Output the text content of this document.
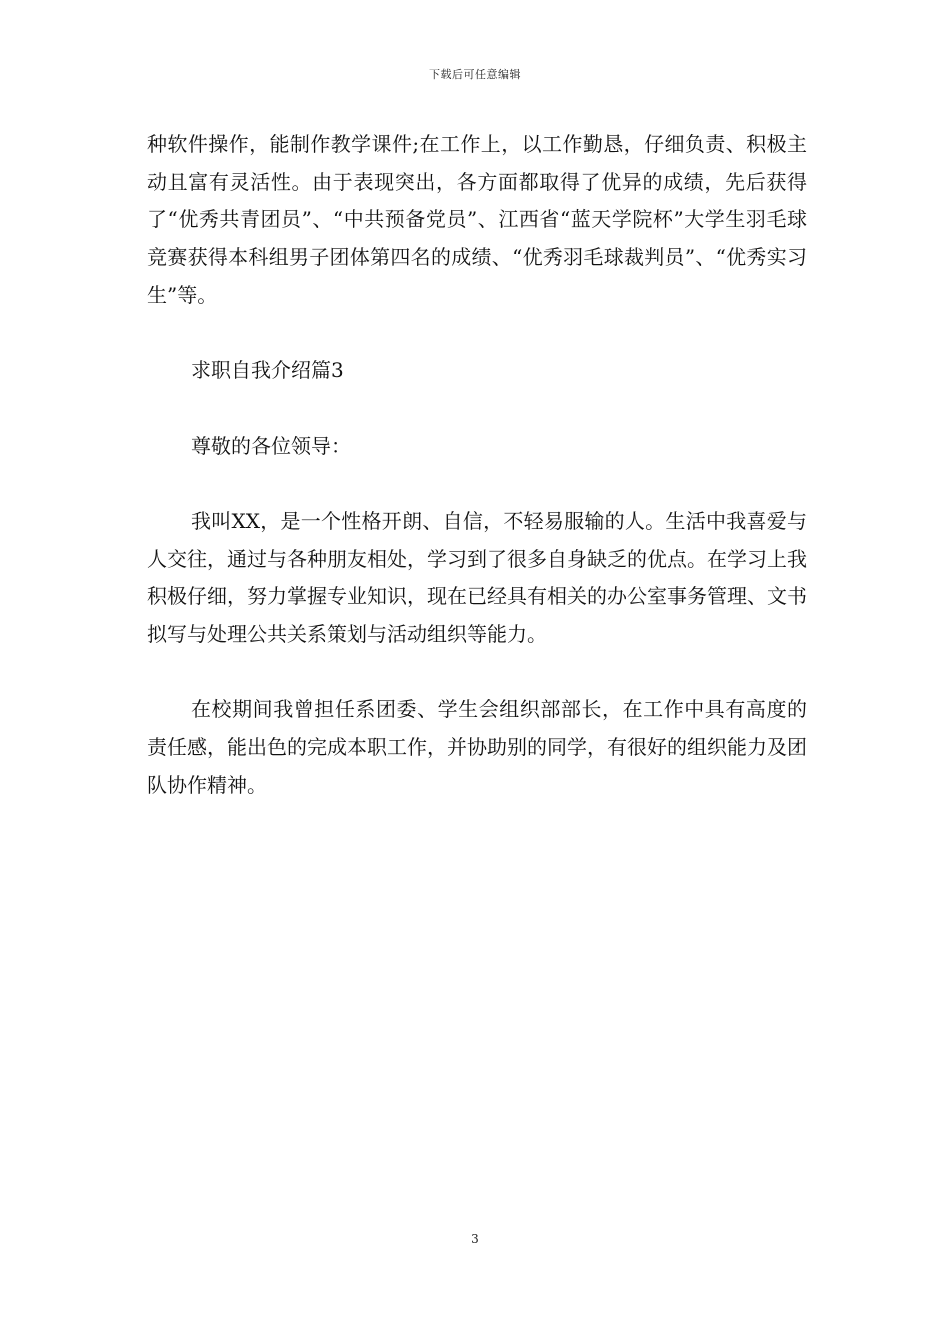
下载后可任意编辑

种软件操作，能制作教学课件;在工作上，以工作勤恳，仔细负责、积极主动且富有灵活性。由于表现突出，各方面都取得了优异的成绩，先后获得了“优秀共青团员”、“中共预备党员”、江西省“蓝天学院杯”大学生羽毛球竞赛获得本科组男子团体第四名的成绩、“优秀羽毛球裁判员”、“优秀实习生”等。

求职自我介绍篇3

尊敬的各位领导：

我叫XX，是一个性格开朗、自信，不轻易服输的人。生活中我喜爱与人交往，通过与各种朋友相处，学习到了很多自身缺乏的优点。在学习上我积极仔细，努力掌握专业知识，现在已经具有相关的办公室事务管理、文书拟写与处理公共关系策划与活动组织等能力。

在校期间我曾担任系团委、学生会组织部部长，在工作中具有高度的责任感，能出色的完成本职工作，并协助别的同学，有很好的组织能力及团队协作精神。

3
